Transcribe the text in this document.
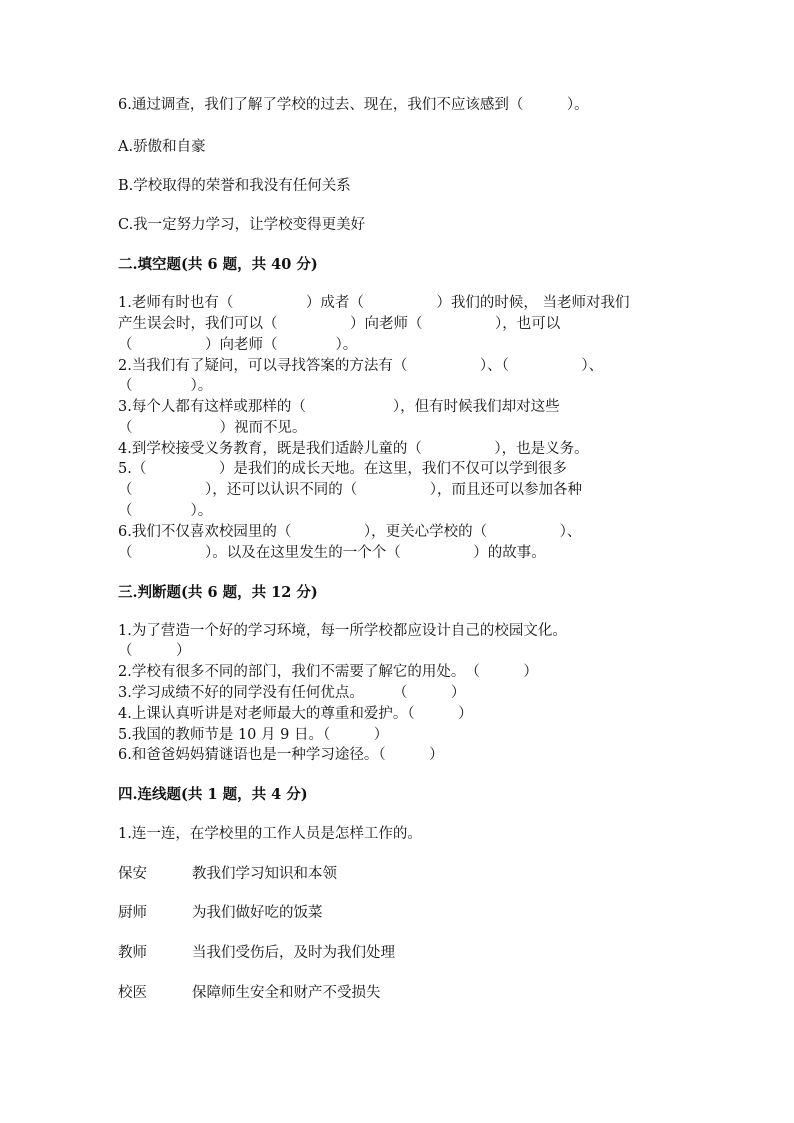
6.通过调查，我们了解了学校的过去、现在，我们不应该感到（　　　）。
A.骄傲和自豪
B.学校取得的荣誉和我没有任何关系
C.我一定努力学习，让学校变得更美好
二.填空题(共 6 题，共 40 分)
1.老师有时也有（　　　　　）成者（　　　　　）我们的时候， 当老师对我们
产生误会时，我们可以（　　　　　）向老师（　　　　　），也可以
（　　　　　）向老师（　　　　）。
2.当我们有了疑问，可以寻找答案的方法有（　　　　　）、（　　　　　）、
（　　　　）。
3.每个人都有这样或那样的（　　　　　　），但有时候我们却对这些
（　　　　　　）视而不见。
4.到学校接受义务教育，既是我们适龄儿童的（　　　　　），也是义务。
5.（　　　　　）是我们的成长天地。在这里，我们不仅可以学到很多
（　　　　　），还可以认识不同的（　　　　　），而且还可以参加各种
（　　　　）。
6.我们不仅喜欢校园里的（　　　　　），更关心学校的（　　　　　）、
（　　　　　）。以及在这里发生的一个个（　　　　　）的故事。
三.判断题(共 6 题，共 12 分)
1.为了营造一个好的学习环境，每一所学校都应设计自己的校园文化。
（　　　）
2.学校有很多不同的部门，我们不需要了解它的用处。　（　　　）
3.学习成绩不好的同学没有任何优点。　　　（　　　）
4.上课认真听讲是对老师最大的尊重和爱护。（　　　）
5.我国的教师节是 10 月 9 日。（　　　）
6.和爸爸妈妈猜谜语也是一种学习途径。（　　　）
四.连线题(共 1 题，共 4 分)
1.连一连，在学校里的工作人员是怎样工作的。
保安	教我们学习知识和本领
厨师	为我们做好吃的饭菜
教师	当我们受伤后，及时为我们处理
校医	保障师生安全和财产不受损失
